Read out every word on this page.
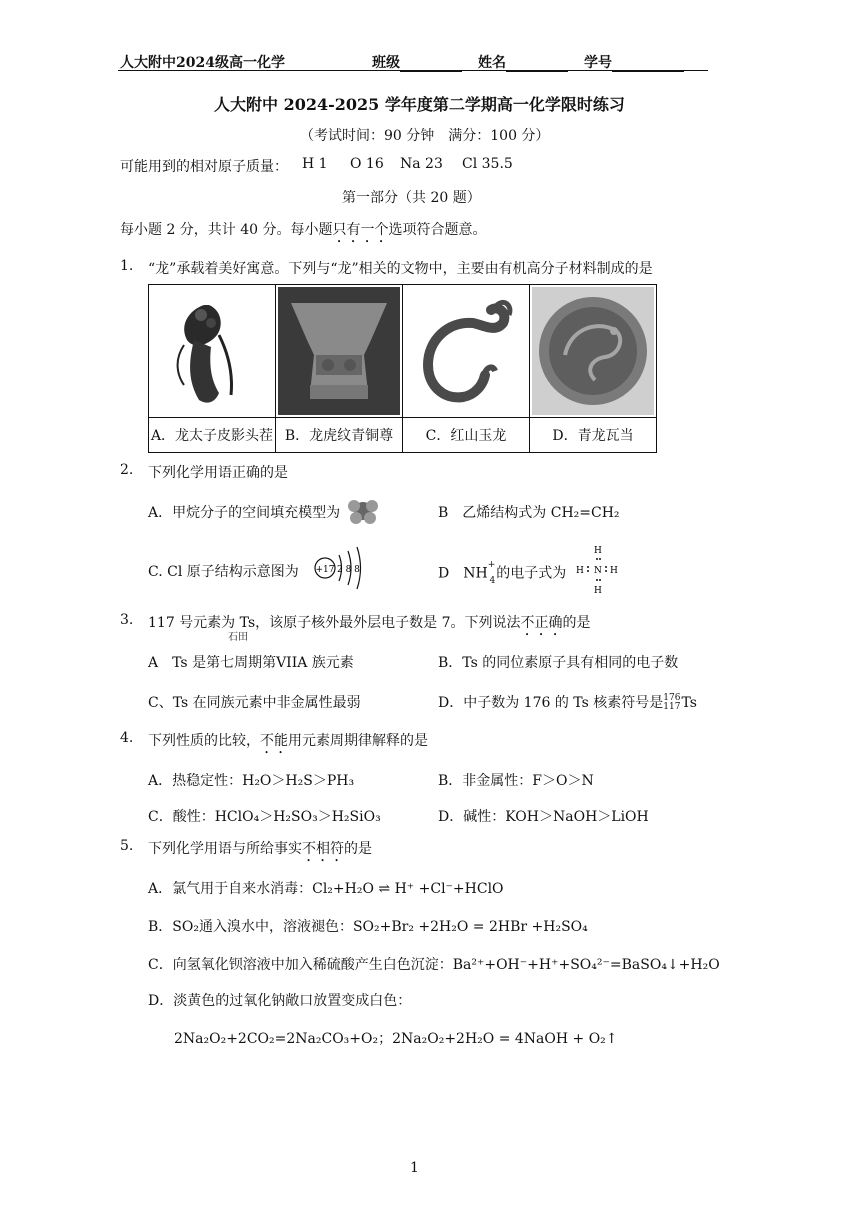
人大附中2024级高一化学	班级	姓名	学号
人大附中 2024-2025 学年度第二学期高一化学限时练习
（考试时间：90 分钟　满分：100 分）
可能用到的相对原子质量： H 1 O 16 Na 23 Cl 35.5
第一部分（共 20 题）
每小题 2 分，共计 40 分。每小题只有一个选项符合题意。
1. “龙”承载着美好寓意。下列与“龙”相关的文物中，主要由有机高分子材料制成的是

A．龙太子皮影头茬	B．龙虎纹青铜尊	C．红山玉龙	D．青龙瓦当
2. 下列化学用语正确的是
A．甲烷分子的空间填充模型为	B　乙烯结构式为 CH₂=CH₂
C. Cl 原子结构示意图为 +17 2 8 8	D　NH+
$_4$的电子式为
H
H N H
H
3. 117 号元素为 Ts，该原子核外最外层电子数是 7。下列说法不正确的是
石田
A　Ts 是第七周期第VIIA 族元素	B．Ts 的同位素原子具有相同的电子数
C、Ts 在同族元素中非金属性最弱	D．中子数为 176 的 Ts 核素符号是176
117Ts
4. 下列性质的比较，不能用元素周期律解释的是
A．热稳定性：H₂O＞H₂S＞PH₃	B．非金属性：F＞O＞N
C．酸性：HClO₄＞H₂SO₃＞H₂SiO₃	D．碱性：KOH＞NaOH＞LiOH
5. 下列化学用语与所给事实不相符的是
A．氯气用于自来水消毒：Cl₂+H₂O ⇌ H⁺ +Cl⁻+HClO
B．SO₂通入溴水中，溶液褪色：SO₂+Br₂ +2H₂O = 2HBr +H₂SO₄
C．向氢氧化钡溶液中加入稀硫酸产生白色沉淀：Ba²⁺+OH⁻+H⁺+SO₄²⁻=BaSO₄↓+H₂O
D．淡黄色的过氧化钠敞口放置变成白色：
2Na₂O₂+2CO₂=2Na₂CO₃+O₂；2Na₂O₂+2H₂O = 4NaOH + O₂↑
1
